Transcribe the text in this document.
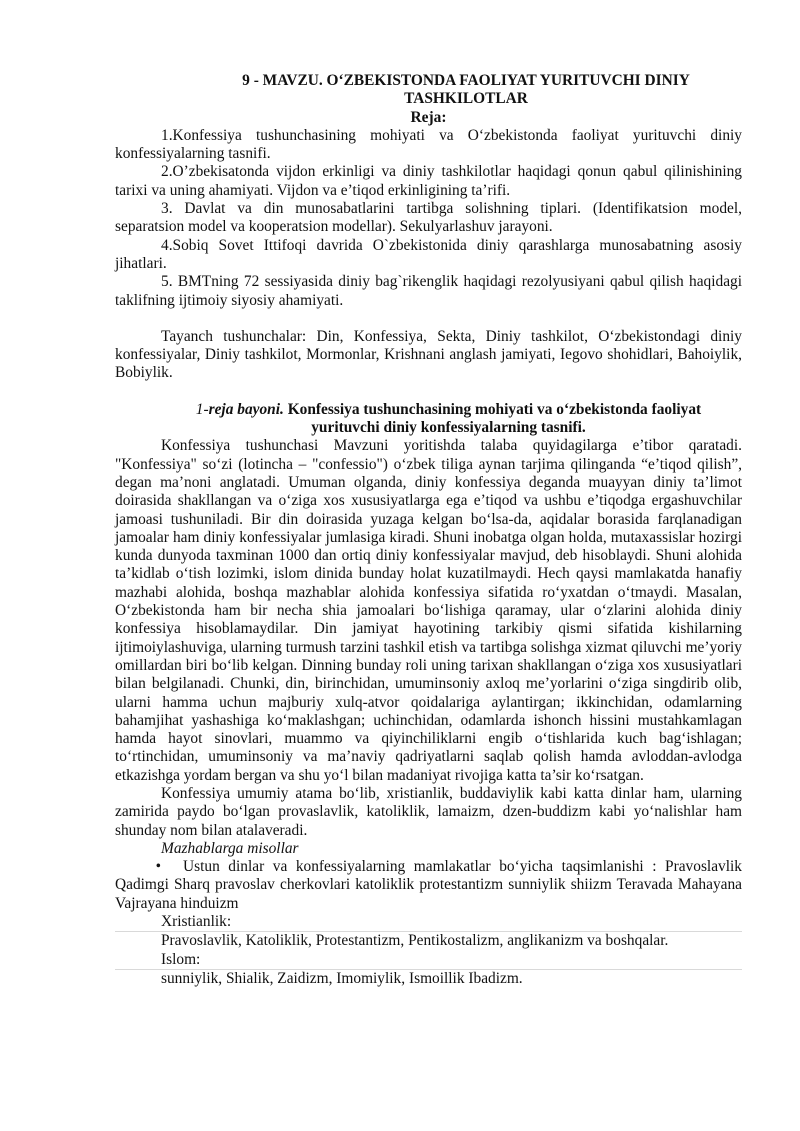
9 - MAVZU. O‘ZBEKISTONDA FAOLIYAT YURITUVCHI DINIY TASHKILOTLAR

Reja:

1.Konfessiya tushunchasining mohiyati va O‘zbekistonda faoliyat yurituvchi diniy konfessiyalarning tasnifi.

2.O’zbekisatonda vijdon erkinligi va diniy tashkilotlar haqidagi qonun qabul qilinishining tarixi va uning ahamiyati. Vijdon va e’tiqod erkinligining ta’rifi.

3. Davlat va din munosabatlarini tartibga solishning tiplari. (Identifikatsion model, separatsion model va kooperatsion modellar). Sekulyarlashuv jarayoni.

4.Sobiq Sovet Ittifoqi davrida O`zbekistonida diniy qarashlarga munosabatning asosiy jihatlari.

5. BMTning 72 sessiyasida diniy bag`rikenglik haqidagi rezolyusiyani qabul qilish haqidagi taklifning ijtimoiy siyosiy ahamiyati.

Tayanch tushunchalar: Din, Konfessiya, Sekta, Diniy tashkilot, O‘zbekistondagi diniy konfessiyalar, Diniy tashkilot, Mormonlar, Krishnani anglash jamiyati, Iegovo shohidlari, Bahoiylik, Bobiylik.

1-reja bayoni. Konfessiya tushunchasining mohiyati va o‘zbekistonda faoliyat yurituvchi diniy konfessiyalarning tasnifi.

Konfessiya tushunchasi Mavzuni yoritishda talaba quyidagilarga e’tibor qaratadi. "Konfessiya" so‘zi (lotincha – "confessio") o‘zbek tiliga aynan tarjima qilinganda “e’tiqod qilish”, degan ma’noni anglatadi. Umuman olganda, diniy konfessiya deganda muayyan diniy ta’limot doirasida shakllangan va o‘ziga xos xususiyatlarga ega e’tiqod va ushbu e’tiqodga ergashuvchilar jamoasi tushuniladi. Bir din doirasida yuzaga kelgan bo‘lsa-da, aqidalar borasida farqlanadigan jamoalar ham diniy konfessiyalar jumlasiga kiradi. Shuni inobatga olgan holda, mutaxassislar hozirgi kunda dunyoda taxminan 1000 dan ortiq diniy konfessiyalar mavjud, deb hisoblaydi. Shuni alohida ta’kidlab o‘tish lozimki, islom dinida bunday holat kuzatilmaydi. Hech qaysi mamlakatda hanafiy mazhabi alohida, boshqa mazhablar alohida konfessiya sifatida ro‘yxatdan o‘tmaydi. Masalan, O‘zbekistonda ham bir necha shia jamoalari bo‘lishiga qaramay, ular o‘zlarini alohida diniy konfessiya hisoblamaydilar. Din jamiyat hayotining tarkibiy qismi sifatida kishilarning ijtimoiylashuviga, ularning turmush tarzini tashkil etish va tartibga solishga xizmat qiluvchi me’yoriy omillardan biri bo‘lib kelgan. Dinning bunday roli uning tarixan shakllangan o‘ziga xos xususiyatlari bilan belgilanadi. Chunki, din, birinchidan, umuminsoniy axloq me’yorlarini o‘ziga singdirib olib, ularni hamma uchun majburiy xulq-atvor qoidalariga aylantirgan; ikkinchidan, odamlarning bahamjihat yashashiga ko‘maklashgan; uchinchidan, odamlarda ishonch hissini mustahkamlagan hamda hayot sinovlari, muammo va qiyinchiliklarni engib o‘tishlarida kuch bag‘ishlagan; to‘rtinchidan, umuminsoniy va ma’naviy qadriyatlarni saqlab qolish hamda avloddan-avlodga etkazishga yordam bergan va shu yo‘l bilan madaniyat rivojiga katta ta’sir ko‘rsatgan.

Konfessiya umumiy atama bo‘lib, xristianlik, buddaviylik kabi katta dinlar ham, ularning zamirida paydo bo‘lgan provaslavlik, katoliklik, lamaizm, dzen-buddizm kabi yo‘nalishlar ham shunday nom bilan atalaveradi.

Mazhablarga misollar

• Ustun dinlar va konfessiyalarning mamlakatlar bo‘yicha taqsimlanishi : Pravoslavlik Qadimgi Sharq pravoslav cherkovlari katoliklik protestantizm sunniylik shiizm Teravada Mahayana Vajrayana hinduizm

Xristianlik:

Pravoslavlik, Katoliklik, Protestantizm, Pentikostalizm, anglikanizm va boshqalar.

Islom:

sunniylik, Shialik, Zaidizm, Imomiylik, Ismoillik Ibadizm.
